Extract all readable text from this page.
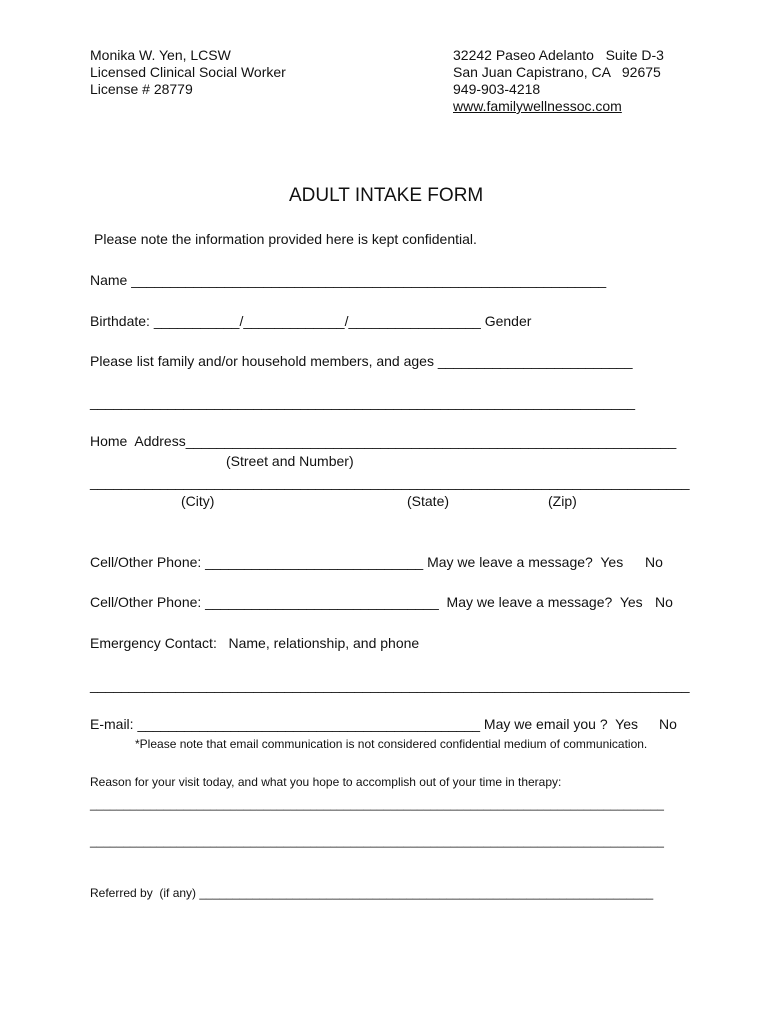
Monika W. Yen, LCSW
Licensed Clinical Social Worker
License # 28779
32242 Paseo Adelanto   Suite D-3
San Juan Capistrano, CA   92675
949-903-4218
www.familywellnessoc.com
ADULT INTAKE FORM
Please note the information provided here is kept confidential.
Name _____________________________________________________________
Birthdate: ___________/_____________/_________________ Gender
Please list family and/or household members, and ages _________________________
______________________________________________________________________
Home  Address_______________________________________________________________
(Street and Number)
_____________________________________________________________________________
(City)	(State)	(Zip)
Cell/Other Phone: ____________________________ May we leave a message?  Yes No
Cell/Other Phone: ______________________________  May we leave a message?  Yes No
Emergency Contact:   Name, relationship, and phone
_____________________________________________________________________________
E-mail: ____________________________________________ May we email you ?  Yes No
*Please note that email communication is not considered confidential medium of communication.
Reason for your visit today, and what you hope to accomplish out of your time in therapy:
______________________________________________________________________________________
______________________________________________________________________________________
Referred by  (if any) ____________________________________________________________________
